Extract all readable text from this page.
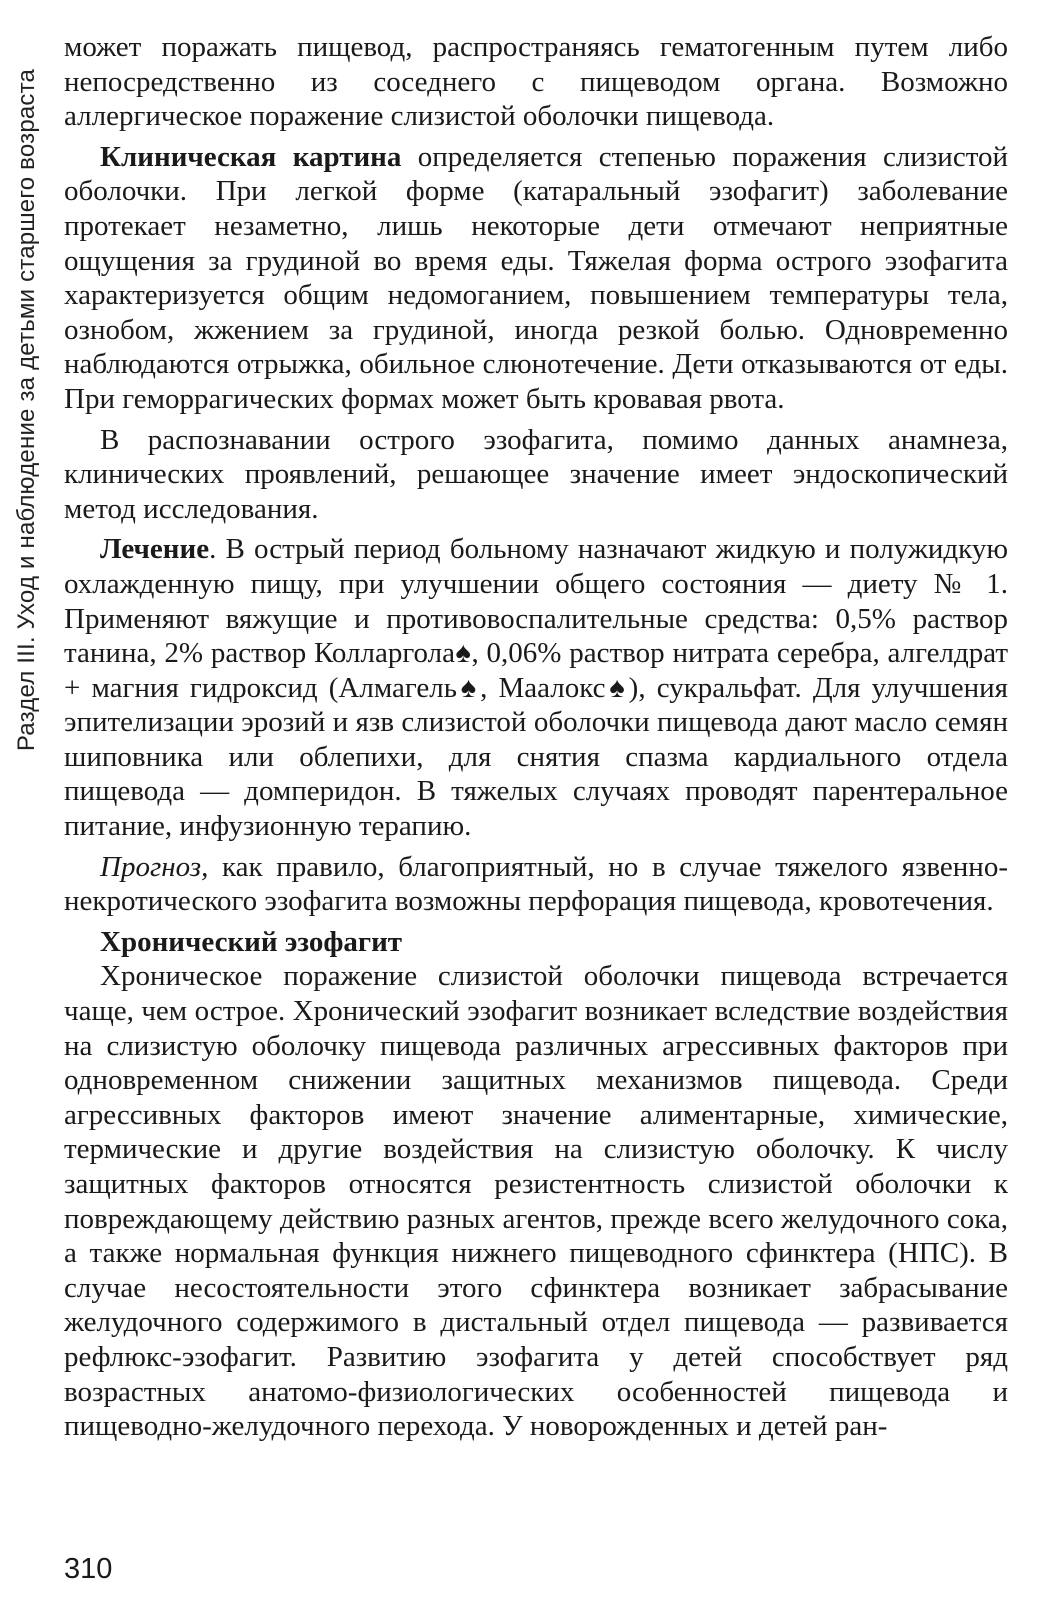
Раздел III. Уход и наблюдение за детьми старшего возраста

может поражать пищевод, распространяясь гематогенным путем либо непосредственно из соседнего с пищеводом органа. Возможно аллергическое поражение слизистой оболочки пищевода.

Клиническая картина определяется степенью поражения слизистой оболочки. При легкой форме (катаральный эзофагит) заболевание протекает незаметно, лишь некоторые дети отмечают неприятные ощущения за грудиной во время еды. Тяжелая форма острого эзофагита характеризуется общим недомоганием, повышением температуры тела, ознобом, жжением за грудиной, иногда резкой болью. Одновременно наблюдаются отрыжка, обильное слюнотечение. Дети отказываются от еды. При геморрагических формах может быть кровавая рвота.

В распознавании острого эзофагита, помимо данных анамнеза, клинических проявлений, решающее значение имеет эндоскопический метод исследования.

Лечение. В острый период больному назначают жидкую и полужидкую охлажденную пищу, при улучшении общего состояния — диету № 1. Применяют вяжущие и противовоспалительные средства: 0,5% раствор танина, 2% раствор Колларгола♠, 0,06% раствор нитрата серебра, алгелдрат + магния гидроксид (Алмагель♠, Маалокс♠), сукральфат. Для улучшения эпителизации эрозий и язв слизистой оболочки пищевода дают масло семян шиповника или облепихи, для снятия спазма кардиального отдела пищевода — домперидон. В тяжелых случаях проводят парентеральное питание, инфузионную терапию.

Прогноз, как правило, благоприятный, но в случае тяжелого язвенно-некротического эзофагита возможны перфорация пищевода, кровотечения.

Хронический эзофагит

Хроническое поражение слизистой оболочки пищевода встречается чаще, чем острое. Хронический эзофагит возникает вследствие воздействия на слизистую оболочку пищевода различных агрессивных факторов при одновременном снижении защитных механизмов пищевода. Среди агрессивных факторов имеют значение алиментарные, химические, термические и другие воздействия на слизистую оболочку. К числу защитных факторов относятся резистентность слизистой оболочки к повреждающему действию разных агентов, прежде всего желудочного сока, а также нормальная функция нижнего пищеводного сфинктера (НПС). В случае несостоятельности этого сфинктера возникает забрасывание желудочного содержимого в дистальный отдел пищевода — развивается рефлюкс-эзофагит. Развитию эзофагита у детей способствует ряд возрастных анатомо-физиологических особенностей пищевода и пищеводно-желудочного перехода. У новорожденных и детей ран-

310
